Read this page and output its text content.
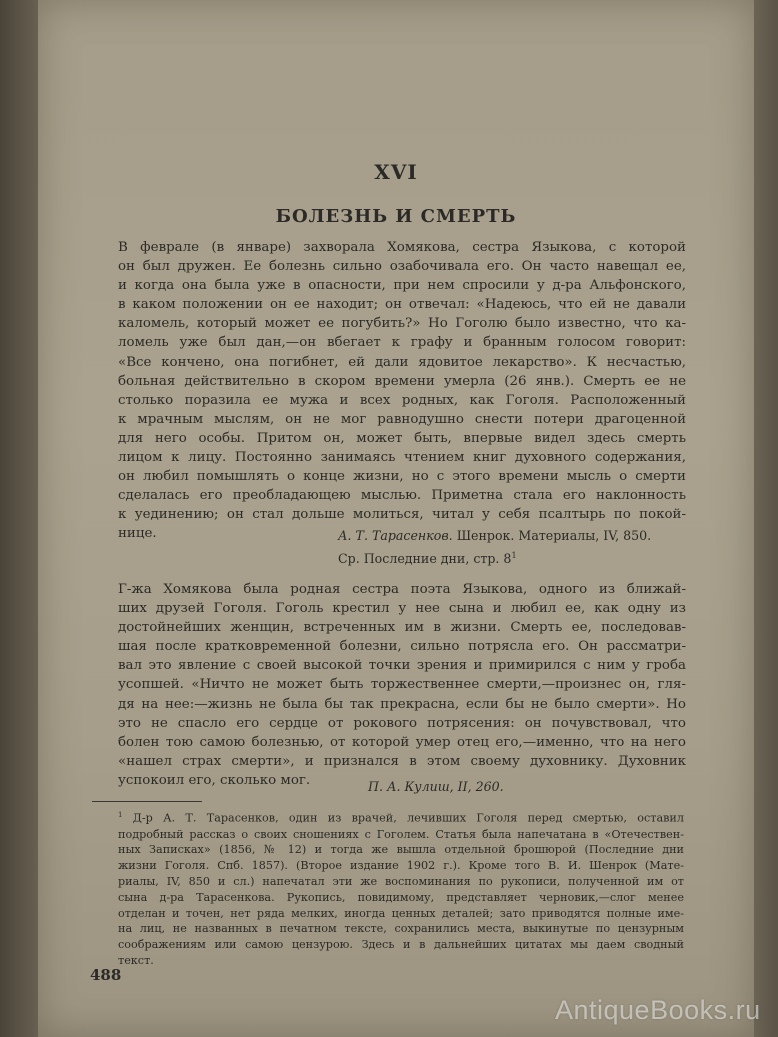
XVI
БОЛЕЗНЬ И СМЕРТЬ
В феврале (в январе) захворала Хомякова, сестра Языкова, с которой
он был дружен. Ее болезнь сильно озабочивала его. Он часто навещал ее,
и когда она была уже в опасности, при нем спросили у д-ра Альфонского,
в каком положении он ее находит; он отвечал: «Надеюсь, что ей не давали
каломель, который может ее погубить?» Но Гоголю было известно, что ка-
ломель уже был дан,—он вбегает к графу и бранным голосом говорит:
«Все кончено, она погибнет, ей дали ядовитое лекарство». К несчастью,
больная действительно в скором времени умерла (26 янв.). Смерть ее не
столько поразила ее мужа и всех родных, как Гоголя. Расположенный
к мрачным мыслям, он не мог равнодушно снести потери драгоценной
для него особы. Притом он, может быть, впервые видел здесь смерть
лицом к лицу. Постоянно занимаясь чтением книг духовного содержания,
он любил помышлять о конце жизни, но с этого времени мысль о смерти
сделалась его преобладающею мыслью. Приметна стала его наклонность
к уединению; он стал дольше молиться, читал у себя псалтырь по покой-
нице.	А. Т. Тарасенков. Шенрок. Материалы, IV, 850.
Ср. Последние дни, стр. $8^1$
Г-жа Хомякова была родная сестра поэта Языкова, одного из ближай-
ших друзей Гоголя. Гоголь крестил у нее сына и любил ее, как одну из
достойнейших женщин, встреченных им в жизни. Смерть ее, последовав-
шая после кратковременной болезни, сильно потрясла его. Он рассматри-
вал это явление с своей высокой точки зрения и примирился с ним у гроба
усопшей. «Ничто не может быть торжественнее смерти,—произнес он, гля-
дя на нее:—жизнь не была бы так прекрасна, если бы не было смерти». Но
это не спасло его сердце от рокового потрясения: он почувствовал, что
болен тою самою болезнью, от которой умер отец его,—именно, что на него
«нашел страх смерти», и признался в этом своему духовнику. Духовник
успокоил его, сколько мог.	П. А. Кулиш, II, 260.
$^1$ Д-р А. Т. Тарасенков, один из врачей, лечивших Гоголя перед смертью, оставил
подробный рассказ о своих сношениях с Гоголем. Статья была напечатана в «Отечествен-
ных Записках» (1856, № 12) и тогда же вышла отдельной брошюрой (Последние дни
жизни Гоголя. Спб. 1857). (Второе издание 1902 г.). Кроме того В. И. Шенрок (Мате-
риалы, IV, 850 и сл.) напечатал эти же воспоминания по рукописи, полученной им от
сына д-ра Тарасенкова. Рукопись, повидимому, представляет черновик,—слог менее
отделан и точен, нет ряда мелких, иногда ценных деталей; зато приводятся полные име-
на лиц, не названных в печатном тексте, сохранились места, выкинутые по цензурным
соображениям или самою цензурою. Здесь и в дальнейших цитатах мы даем сводный
текст.
488
AntiqueBooks.ru
